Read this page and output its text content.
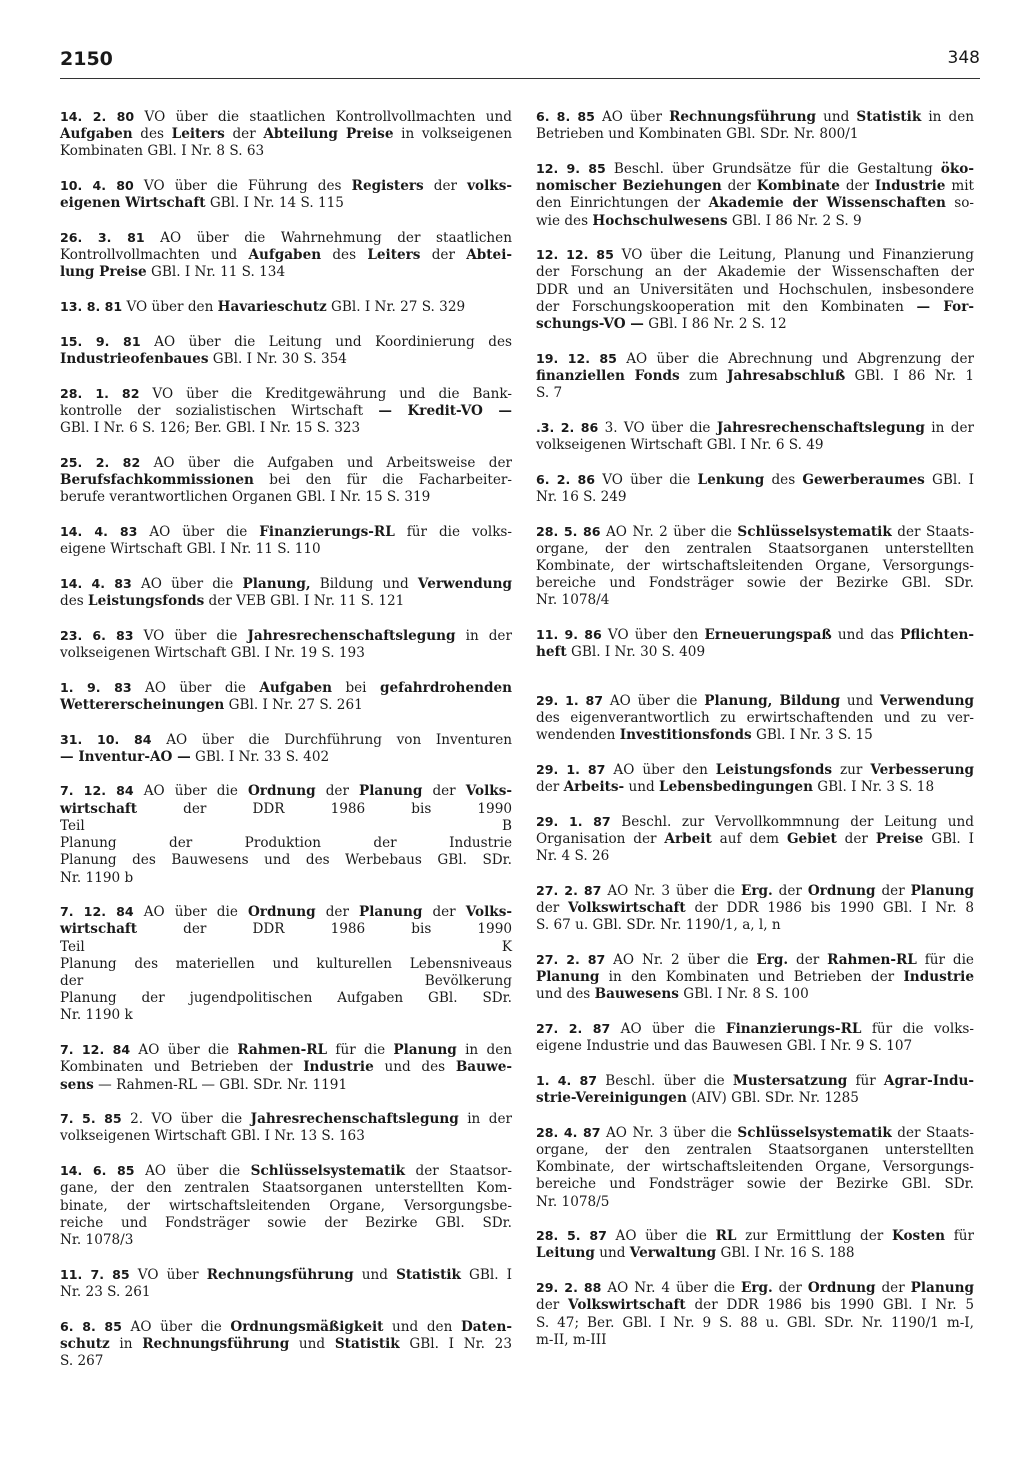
2150	348
14. 2. 80 VO über die staatlichen Kontrollvollmachten und
Aufgaben des Leiters der Abteilung Preise in volkseigenen
Kombinaten GBl. I Nr. 8 S. 63
10. 4. 80 VO über die Führung des Registers der volks-
eigenen Wirtschaft GBl. I Nr. 14 S. 115
26. 3. 81 AO über die Wahrnehmung der staatlichen
Kontrollvollmachten und Aufgaben des Leiters der Abtei-
lung Preise GBl. I Nr. 11 S. 134
13. 8. 81 VO über den Havarieschutz GBl. I Nr. 27 S. 329
15. 9. 81 AO über die Leitung und Koordinierung des
Industrieofenbaues GBl. I Nr. 30 S. 354
28. 1. 82 VO über die Kreditgewährung und die Bank-
kontrolle der sozialistischen Wirtschaft — Kredit-VO —
GBl. I Nr. 6 S. 126; Ber. GBl. I Nr. 15 S. 323
25. 2. 82 AO über die Aufgaben und Arbeitsweise der
Berufsfachkommissionen bei den für die Facharbeiter-
berufe verantwortlichen Organen GBl. I Nr. 15 S. 319
14. 4. 83 AO über die Finanzierungs-RL für die volks-
eigene Wirtschaft GBl. I Nr. 11 S. 110
14. 4. 83 AO über die Planung, Bildung und Verwendung
des Leistungsfonds der VEB GBl. I Nr. 11 S. 121
23. 6. 83 VO über die Jahresrechenschaftslegung in der
volkseigenen Wirtschaft GBl. I Nr. 19 S. 193
1. 9. 83 AO über die Aufgaben bei gefahrdrohenden
Wettererscheinungen GBl. I Nr. 27 S. 261
31. 10. 84 AO über die Durchführung von Inventuren
— Inventur-AO — GBl. I Nr. 33 S. 402
7. 12. 84 AO über die Ordnung der Planung der Volks-
wirtschaft der DDR 1986 bis 1990
Teil B
Planung der Produktion der Industrie
Planung des Bauwesens und des Werbebaus GBl. SDr.
Nr. 1190 b
7. 12. 84 AO über die Ordnung der Planung der Volks-
wirtschaft der DDR 1986 bis 1990
Teil K
Planung des materiellen und kulturellen Lebensniveaus
der Bevölkerung
Planung der jugendpolitischen Aufgaben GBl. SDr.
Nr. 1190 k
7. 12. 84 AO über die Rahmen-RL für die Planung in den
Kombinaten und Betrieben der Industrie und des Bauwe-
sens — Rahmen-RL — GBl. SDr. Nr. 1191
7. 5. 85 2. VO über die Jahresrechenschaftslegung in der
volkseigenen Wirtschaft GBl. I Nr. 13 S. 163
14. 6. 85 AO über die Schlüsselsystematik der Staatsor-
gane, der den zentralen Staatsorganen unterstellten Kom-
binate, der wirtschaftsleitenden Organe, Versorgungsbe-
reiche und Fondsträger sowie der Bezirke GBl. SDr.
Nr. 1078/3
11. 7. 85 VO über Rechnungsführung und Statistik GBl. I
Nr. 23 S. 261
6. 8. 85 AO über die Ordnungsmäßigkeit und den Daten-
schutz in Rechnungsführung und Statistik GBl. I Nr. 23
S. 267
6. 8. 85 AO über Rechnungsführung und Statistik in den
Betrieben und Kombinaten GBl. SDr. Nr. 800/1
12. 9. 85 Beschl. über Grundsätze für die Gestaltung öko-
nomischer Beziehungen der Kombinate der Industrie mit
den Einrichtungen der Akademie der Wissenschaften so-
wie des Hochschulwesens GBl. I 86 Nr. 2 S. 9
12. 12. 85 VO über die Leitung, Planung und Finanzierung
der Forschung an der Akademie der Wissenschaften der
DDR und an Universitäten und Hochschulen, insbesondere
der Forschungskooperation mit den Kombinaten — For-
schungs-VO — GBl. I 86 Nr. 2 S. 12
19. 12. 85 AO über die Abrechnung und Abgrenzung der
finanziellen Fonds zum Jahresabschluß GBl. I 86 Nr. 1
S. 7
.3. 2. 86 3. VO über die Jahresrechenschaftslegung in der
volkseigenen Wirtschaft GBl. I Nr. 6 S. 49
6. 2. 86 VO über die Lenkung des Gewerberaumes GBl. I
Nr. 16 S. 249
28. 5. 86 AO Nr. 2 über die Schlüsselsystematik der Staats-
organe, der den zentralen Staatsorganen unterstellten
Kombinate, der wirtschaftsleitenden Organe, Versorgungs-
bereiche und Fondsträger sowie der Bezirke GBl. SDr.
Nr. 1078/4
11. 9. 86 VO über den Erneuerungspaß und das Pflichten-
heft GBl. I Nr. 30 S. 409
29. 1. 87 AO über die Planung, Bildung und Verwendung
des eigenverantwortlich zu erwirtschaftenden und zu ver-
wendenden Investitionsfonds GBl. I Nr. 3 S. 15
29. 1. 87 AO über den Leistungsfonds zur Verbesserung
der Arbeits- und Lebensbedingungen GBl. I Nr. 3 S. 18
29. 1. 87 Beschl. zur Vervollkommnung der Leitung und
Organisation der Arbeit auf dem Gebiet der Preise GBl. I
Nr. 4 S. 26
27. 2. 87 AO Nr. 3 über die Erg. der Ordnung der Planung
der Volkswirtschaft der DDR 1986 bis 1990 GBl. I Nr. 8
S. 67 u. GBl. SDr. Nr. 1190/1, a, l, n
27. 2. 87 AO Nr. 2 über die Erg. der Rahmen-RL für die
Planung in den Kombinaten und Betrieben der Industrie
und des Bauwesens GBl. I Nr. 8 S. 100
27. 2. 87 AO über die Finanzierungs-RL für die volks-
eigene Industrie und das Bauwesen GBl. I Nr. 9 S. 107
1. 4. 87 Beschl. über die Mustersatzung für Agrar-Indu-
strie-Vereinigungen (AIV) GBl. SDr. Nr. 1285
28. 4. 87 AO Nr. 3 über die Schlüsselsystematik der Staats-
organe, der den zentralen Staatsorganen unterstellten
Kombinate, der wirtschaftsleitenden Organe, Versorgungs-
bereiche und Fondsträger sowie der Bezirke GBl. SDr.
Nr. 1078/5
28. 5. 87 AO über die RL zur Ermittlung der Kosten für
Leitung und Verwaltung GBl. I Nr. 16 S. 188
29. 2. 88 AO Nr. 4 über die Erg. der Ordnung der Planung
der Volkswirtschaft der DDR 1986 bis 1990 GBl. I Nr. 5
S. 47; Ber. GBl. I Nr. 9 S. 88 u. GBl. SDr. Nr. 1190/1 m-I,
m-II, m-III
